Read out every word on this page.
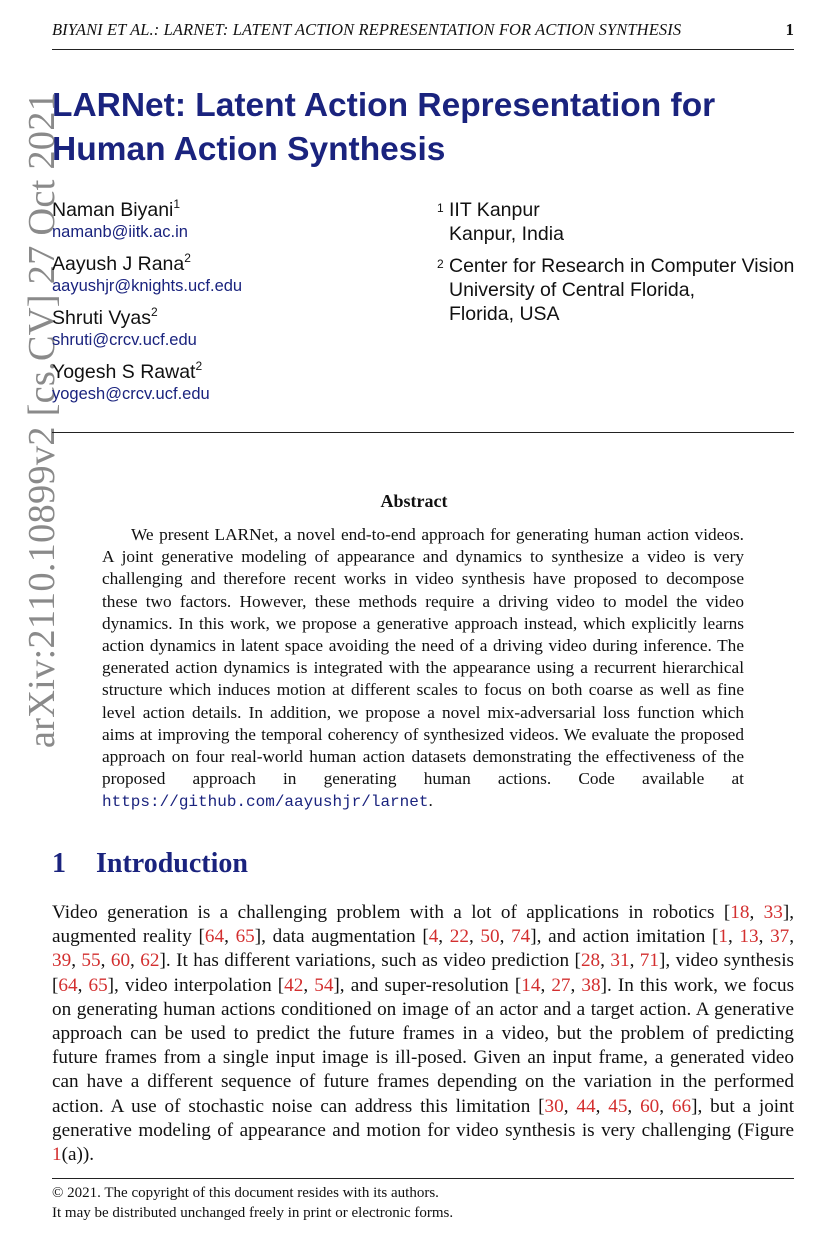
BIYANI ET AL.: LARNET: LATENT ACTION REPRESENTATION FOR ACTION SYNTHESIS	1
arXiv:2110.10899v2 [cs.CV] 27 Oct 2021
LARNet: Latent Action Representation for
Human Action Synthesis
Naman Biyani$^1$
namanb@iitk.ac.in
Aayush J Rana$^2$
aayushjr@knights.ucf.edu
Shruti Vyas$^2$
shruti@crcv.ucf.edu
Yogesh S Rawat$^2$
yogesh@crcv.ucf.edu
1 IIT Kanpur
Kanpur, India
2 Center for Research in Computer Vision
University of Central Florida,
Florida, USA
Abstract

We present LARNet, a novel end-to-end approach for generating human action videos. A joint generative modeling of appearance and dynamics to synthesize a video is very challenging and therefore recent works in video synthesis have proposed to decompose these two factors. However, these methods require a driving video to model the video dynamics. In this work, we propose a generative approach instead, which explicitly learns action dynamics in latent space avoiding the need of a driving video during inference. The generated action dynamics is integrated with the appearance using a recurrent hierarchical structure which induces motion at different scales to focus on both coarse as well as fine level action details. In addition, we propose a novel mix-adversarial loss function which aims at improving the temporal coherency of synthesized videos. We evaluate the proposed approach on four real-world human action datasets demonstrating the effectiveness of the proposed approach in generating human actions. Code available at https://github.com/aayushjr/larnet.

1	Introduction

Video generation is a challenging problem with a lot of applications in robotics [18, 33], augmented reality [64, 65], data augmentation [4, 22, 50, 74], and action imitation [1, 13, 37, 39, 55, 60, 62]. It has different variations, such as video prediction [28, 31, 71], video synthesis [64, 65], video interpolation [42, 54], and super-resolution [14, 27, 38]. In this work, we focus on generating human actions conditioned on image of an actor and a target action. A generative approach can be used to predict the future frames in a video, but the problem of predicting future frames from a single input image is ill-posed. Given an input frame, a generated video can have a different sequence of future frames depending on the variation in the performed action. A use of stochastic noise can address this limitation [30, 44, 45, 60, 66], but a joint generative modeling of appearance and motion for video synthesis is very challenging (Figure 1(a)).

© 2021. The copyright of this document resides with its authors.
It may be distributed unchanged freely in print or electronic forms.
